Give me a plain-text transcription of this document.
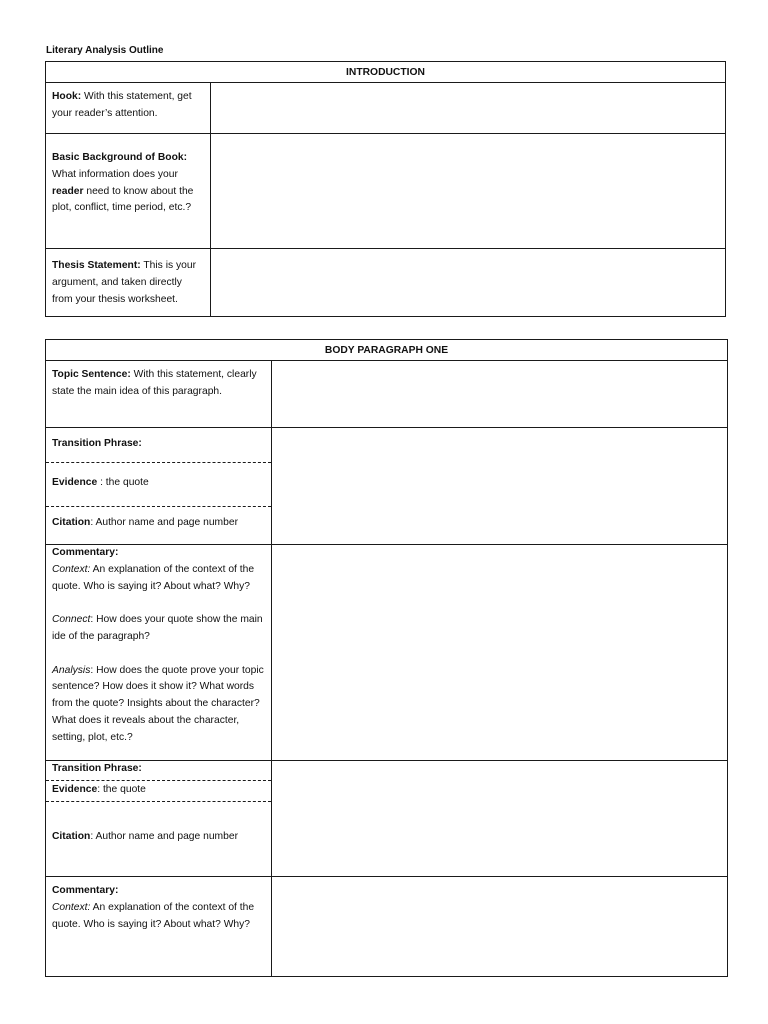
Literary Analysis Outline
INTRODUCTION	
Hook: With this statement, get your reader’s attention.	
Basic Background of Book: What information does your reader need to know about the plot, conflict, time period, etc.?	
Thesis Statement: This is your argument, and taken directly from your thesis worksheet.	
BODY PARAGRAPH ONE	
Topic Sentence: With this statement, clearly state the main idea of this paragraph.	
Transition Phrase:	
Evidence : the quote	
Citation: Author name and page number	
Commentary:
Context: An explanation of the context of the quote. Who is saying it? About what? Why?
Connect: How does your quote show the main ide of the paragraph?
Analysis: How does the quote prove your topic sentence? How does it show it? What words from the quote? Insights about the character? What does it reveals about the character, setting, plot, etc.?	
Transition Phrase:	
Evidence: the quote	
Citation: Author name and page number	
Commentary:
Context: An explanation of the context of the quote. Who is saying it? About what? Why?	
